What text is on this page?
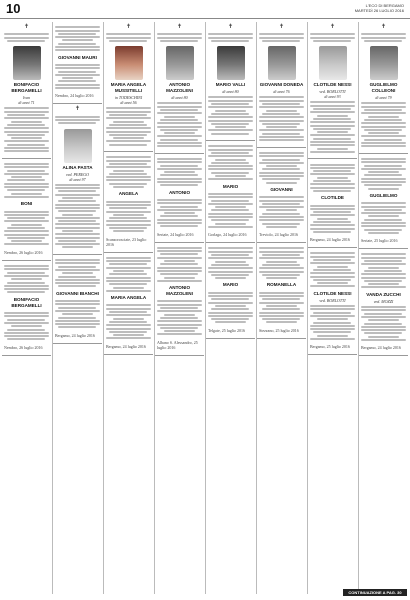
10	L'ECO DI BERGAMO
MARTEDÌ 26 LUGLIO 2016
✝
BONIFACIO BERGAMELLI
Ivan
di anni 71
BONI
Nembro, 26 luglio 2016
BONIFACIO BERGAMELLI
Nembro, 26 luglio 2016
GIOVANNI MAURI
Nembro, 24 luglio 2016
✝
ALINA PASTA
ved. PEREGO
di anni 97
GIOVANNI BIANCHI
Bergamo, 24 luglio 2016
✝
MARIA ANGELA MUSSITELLI
in TODESCHINI
di anni 56
ANGELA
Scanzorosciate, 23 luglio 2016
MARIA ANGELA
Bergamo, 24 luglio 2016
✝
ANTONIO MAZZOLENI
di anni 80
ANTONIO
Seriate, 24 luglio 2016
ANTONIO MAZZOLENI
Albano S. Alessandro, 25 luglio 2016
✝
MARIO VALLI
di anni 80
MARIO
Gorlago, 24 luglio 2016
MARIO
Telgate, 25 luglio 2016
✝
GIOVANNI DONEDA
di anni 76
GIOVANNI
Treviolo, 24 luglio 2016
ROMANELLA
Stezzano, 25 luglio 2016
✝
CLOTILDE NESSI
ved. BORLOTTI
di anni 93
CLOTILDE
Bergamo, 24 luglio 2016
CLOTILDE NESSI
ved. BORLOTTI
Bergamo, 25 luglio 2016
✝
GUGLIELMO COLLEONI
di anni 79
GUGLIELMO
Seriate, 25 luglio 2016
VANDA ZUCCHI
ved. MOZZI
Bergamo, 24 luglio 2016
CONTINUAZIONE A PAG. 30
